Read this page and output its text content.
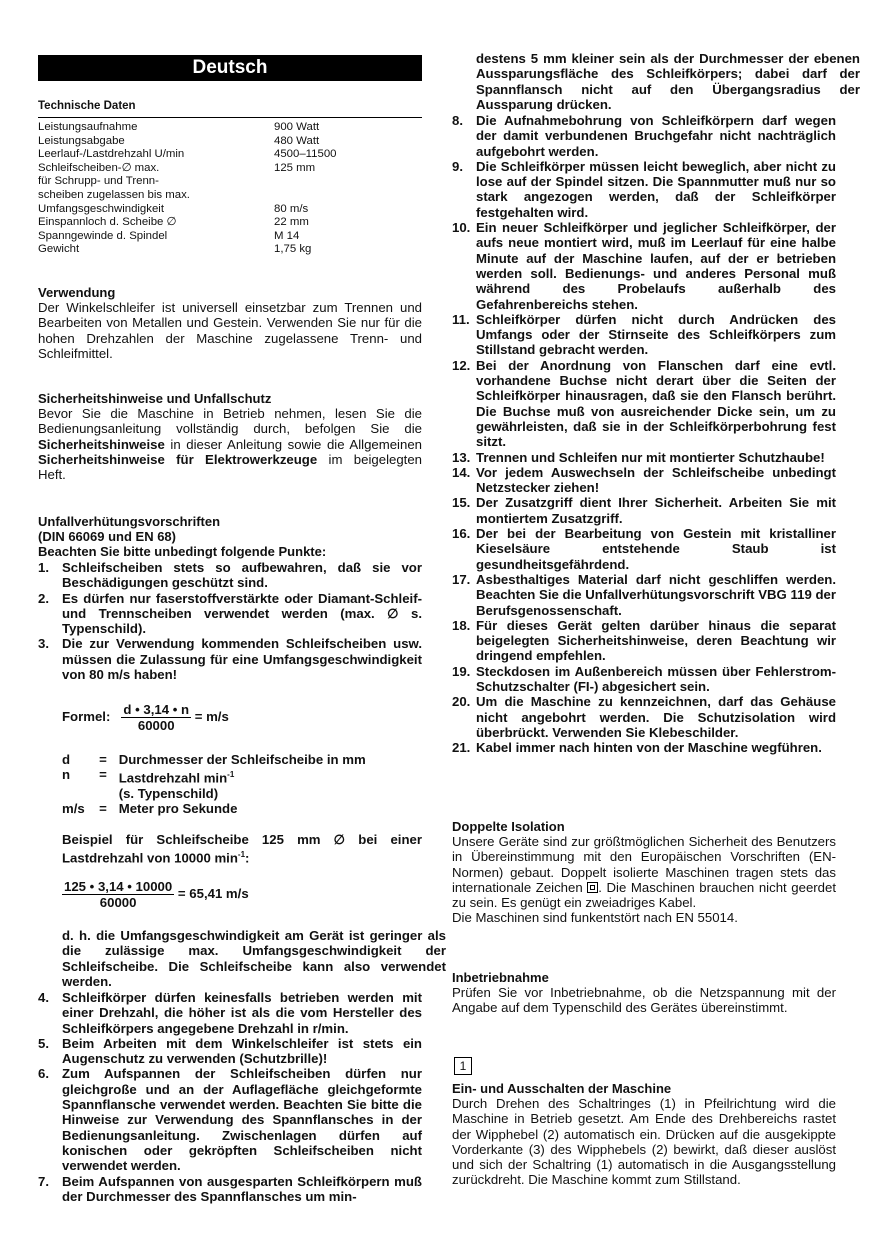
Deutsch
Technische Daten
Leistungsaufnahme	900 Watt
Leistungsabgabe	480 Watt
Leerlauf-/Lastdrehzahl U/min	4500–11500
Schleifscheiben-∅ max.	125 mm
für Schrupp- und Trenn-	
scheiben zugelassen bis max.	
Umfangsgeschwindigkeit	80 m/s
Einspannloch d. Scheibe ∅	22 mm
Spanngewinde d. Spindel	M 14
Gewicht	1,75 kg
Verwendung
Der Winkelschleifer ist universell einsetzbar zum Trennen und Bearbeiten von Metallen und Gestein. Verwenden Sie nur für die hohen Drehzahlen der Maschine zugelassene Trenn- und Schleifmittel.
Sicherheitshinweise und Unfallschutz
Bevor Sie die Maschine in Betrieb nehmen, lesen Sie die Bedienungsanleitung vollständig durch, befolgen Sie die Sicherheitshinweise in dieser Anleitung sowie die Allgemeinen Sicherheitshinweise für Elektrowerkzeuge im beigelegten Heft.
Unfallverhütungsvorschriften
(DIN 66069 und EN 68)
Beachten Sie bitte unbedingt folgende Punkte:
1. Schleifscheiben stets so aufbewahren, daß sie vor Beschädigungen geschützt sind.
2. Es dürfen nur faserstoffverstärkte oder Diamant-Schleif- und Trennscheiben verwendet werden (max. ∅ s. Typenschild).
3. Die zur Verwendung kommenden Schleifscheiben usw. müssen die Zulassung für eine Umfangsgeschwindigkeit von 80 m/s haben!
Formel: $\frac{d • 3,14 • n}{60000} = m/s$
d	=	Durchmesser der Schleifscheibe in mm
n	=	Lastdrehzahl $\min^{-1}$
		(s. Typenschild)
m/s	=	Meter pro Sekunde
Beispiel für Schleifscheibe 125 mm ∅ bei einer Lastdrehzahl von 10000 $\min^{-1}$:
$\frac{125 • 3,14 • 10000}{60000} = 65,41$ m/s
d. h. die Umfangsgeschwindigkeit am Gerät ist geringer als die zulässige max. Umfangsgeschwindigkeit der Schleifscheibe. Die Schleifscheibe kann also verwendet werden.
4. Schleifkörper dürfen keinesfalls betrieben werden mit einer Drehzahl, die höher ist als die vom Hersteller des Schleifkörpers angegebene Drehzahl in r/min.
5. Beim Arbeiten mit dem Winkelschleifer ist stets ein Augenschutz zu verwenden (Schutzbrille)!
6. Zum Aufspannen der Schleifscheiben dürfen nur gleichgroße und an der Auflagefläche gleichgeformte Spannflansche verwendet werden. Beachten Sie bitte die Hinweise zur Verwendung des Spannflansches in der Bedienungsanleitung. Zwischenlagen dürfen auf konischen oder gekröpften Schleifscheiben nicht verwendet werden.
7. Beim Aufspannen von ausgesparten Schleifkörpern muß der Durchmesser des Spannflansches um min-
destens 5 mm kleiner sein als der Durchmesser der ebenen Aussparungsfläche des Schleifkörpers; dabei darf der Spannflansch nicht auf den Übergangsradius der Aussparung drücken.
8. Die Aufnahmebohrung von Schleifkörpern darf wegen der damit verbundenen Bruchgefahr nicht nachträglich aufgebohrt werden.
9. Die Schleifkörper müssen leicht beweglich, aber nicht zu lose auf der Spindel sitzen. Die Spannmutter muß nur so stark angezogen werden, daß der Schleifkörper festgehalten wird.
10. Ein neuer Schleifkörper und jeglicher Schleifkörper, der aufs neue montiert wird, muß im Leerlauf für eine halbe Minute auf der Maschine laufen, auf der er betrieben werden soll. Bedienungs- und anderes Personal muß während des Probelaufs außerhalb des Gefahrenbereichs stehen.
11. Schleifkörper dürfen nicht durch Andrücken des Umfangs oder der Stirnseite des Schleifkörpers zum Stillstand gebracht werden.
12. Bei der Anordnung von Flanschen darf eine evtl. vorhandene Buchse nicht derart über die Seiten der Schleifkörper hinausragen, daß sie den Flansch berührt. Die Buchse muß von ausreichender Dicke sein, um zu gewährleisten, daß sie in der Schleifkörperbohrung fest sitzt.
13. Trennen und Schleifen nur mit montierter Schutzhaube!
14. Vor jedem Auswechseln der Schleifscheibe unbedingt Netzstecker ziehen!
15. Der Zusatzgriff dient Ihrer Sicherheit. Arbeiten Sie mit montiertem Zusatzgriff.
16. Der bei der Bearbeitung von Gestein mit kristalliner Kieselsäure entstehende Staub ist gesundheitsgefährdend.
17. Asbesthaltiges Material darf nicht geschliffen werden. Beachten Sie die Unfallverhütungsvorschrift VBG 119 der Berufsgenossenschaft.
18. Für dieses Gerät gelten darüber hinaus die separat beigelegten Sicherheitshinweise, deren Beachtung wir dringend empfehlen.
19. Steckdosen im Außenbereich müssen über Fehlerstrom-Schutzschalter (FI-) abgesichert sein.
20. Um die Maschine zu kennzeichnen, darf das Gehäuse nicht angebohrt werden. Die Schutzisolation wird überbrückt. Verwenden Sie Klebeschilder.
21. Kabel immer nach hinten von der Maschine wegführen.
Doppelte Isolation
Unsere Geräte sind zur größtmöglichen Sicherheit des Benutzers in Übereinstimmung mit den Europäischen Vorschriften (EN-Normen) gebaut. Doppelt isolierte Maschinen tragen stets das internationale Zeichen . Die Maschinen brauchen nicht geerdet zu sein. Es genügt ein zweiadriges Kabel.
Die Maschinen sind funkentstört nach EN 55014.
Inbetriebnahme
Prüfen Sie vor Inbetriebnahme, ob die Netzspannung mit der Angabe auf dem Typenschild des Gerätes übereinstimmt.
1
Ein- und Ausschalten der Maschine
Durch Drehen des Schaltringes (1) in Pfeilrichtung wird die Maschine in Betrieb gesetzt. Am Ende des Drehbereichs rastet der Wipphebel (2) automatisch ein. Drücken auf die ausgekippte Vorderkante (3) des Wipphebels (2) bewirkt, daß dieser auslöst und sich der Schaltring (1) automatisch in die Ausgangsstellung zurückdreht. Die Maschine kommt zum Stillstand.
